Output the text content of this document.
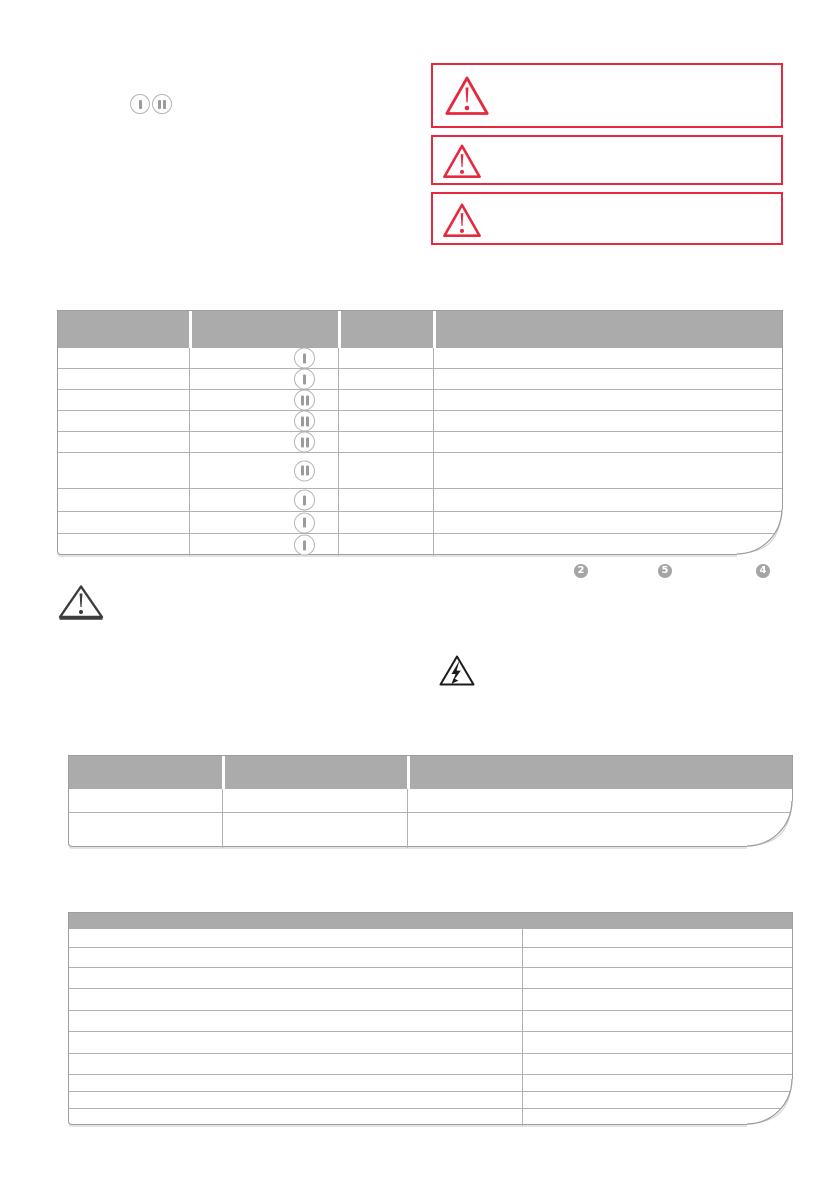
2	5	4
